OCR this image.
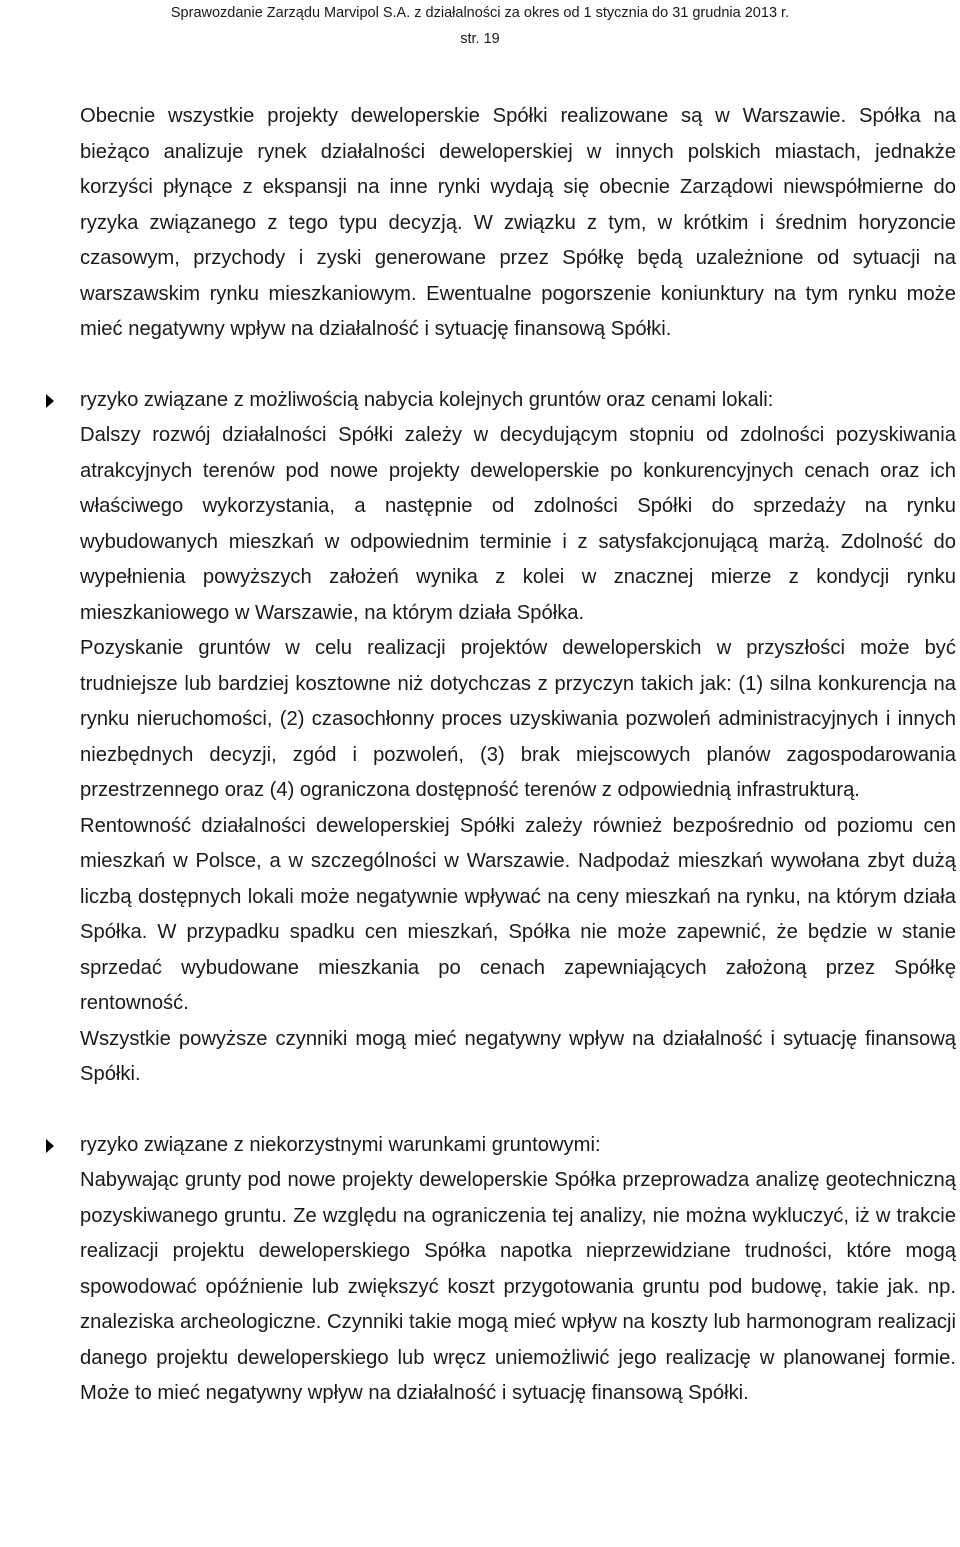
Sprawozdanie Zarządu Marvipol S.A. z działalności za okres od 1 stycznia do 31 grudnia 2013 r.
str. 19

Obecnie wszystkie projekty deweloperskie Spółki realizowane są w Warszawie. Spółka na bieżąco analizuje rynek działalności deweloperskiej w innych polskich miastach, jednakże korzyści płynące z ekspansji na inne rynki wydają się obecnie Zarządowi niewspółmierne do ryzyka związanego z tego typu decyzją. W związku z tym, w krótkim i średnim horyzoncie czasowym, przychody i zyski generowane przez Spółkę będą uzależnione od sytuacji na warszawskim rynku mieszkaniowym. Ewentualne pogorszenie koniunktury na tym rynku może mieć negatywny wpływ na działalność i sytuację finansową Spółki.

ryzyko związane z możliwością nabycia kolejnych gruntów oraz cenami lokali:

Dalszy rozwój działalności Spółki zależy w decydującym stopniu od zdolności pozyskiwania atrakcyjnych terenów pod nowe projekty deweloperskie po konkurencyjnych cenach oraz ich właściwego wykorzystania, a następnie od zdolności Spółki do sprzedaży na rynku wybudowanych mieszkań w odpowiednim terminie i z satysfakcjonującą marżą. Zdolność do wypełnienia powyższych założeń wynika z kolei w znacznej mierze z kondycji rynku mieszkaniowego w Warszawie, na którym działa Spółka.

Pozyskanie gruntów w celu realizacji projektów deweloperskich w przyszłości może być trudniejsze lub bardziej kosztowne niż dotychczas z przyczyn takich jak: (1) silna konkurencja na rynku nieruchomości, (2) czasochłonny proces uzyskiwania pozwoleń administracyjnych i innych niezbędnych decyzji, zgód i pozwoleń, (3) brak miejscowych planów zagospodarowania przestrzennego oraz (4) ograniczona dostępność terenów z odpowiednią infrastrukturą.

Rentowność działalności deweloperskiej Spółki zależy również bezpośrednio od poziomu cen mieszkań w Polsce, a w szczególności w Warszawie. Nadpodaż mieszkań wywołana zbyt dużą liczbą dostępnych lokali może negatywnie wpływać na ceny mieszkań na rynku, na którym działa Spółka. W przypadku spadku cen mieszkań, Spółka nie może zapewnić, że będzie w stanie sprzedać wybudowane mieszkania po cenach zapewniających założoną przez Spółkę rentowność.

Wszystkie powyższe czynniki mogą mieć negatywny wpływ na działalność i sytuację finansową Spółki.

ryzyko związane z niekorzystnymi warunkami gruntowymi:

Nabywając grunty pod nowe projekty deweloperskie Spółka przeprowadza analizę geotechniczną pozyskiwanego gruntu. Ze względu na ograniczenia tej analizy, nie można wykluczyć, iż w trakcie realizacji projektu deweloperskiego Spółka napotka nieprzewidziane trudności, które mogą spowodować opóźnienie lub zwiększyć koszt przygotowania gruntu pod budowę, takie jak. np. znaleziska archeologiczne. Czynniki takie mogą mieć wpływ na koszty lub harmonogram realizacji danego projektu deweloperskiego lub wręcz uniemożliwić jego realizację w planowanej formie. Może to mieć negatywny wpływ na działalność i sytuację finansową Spółki.
